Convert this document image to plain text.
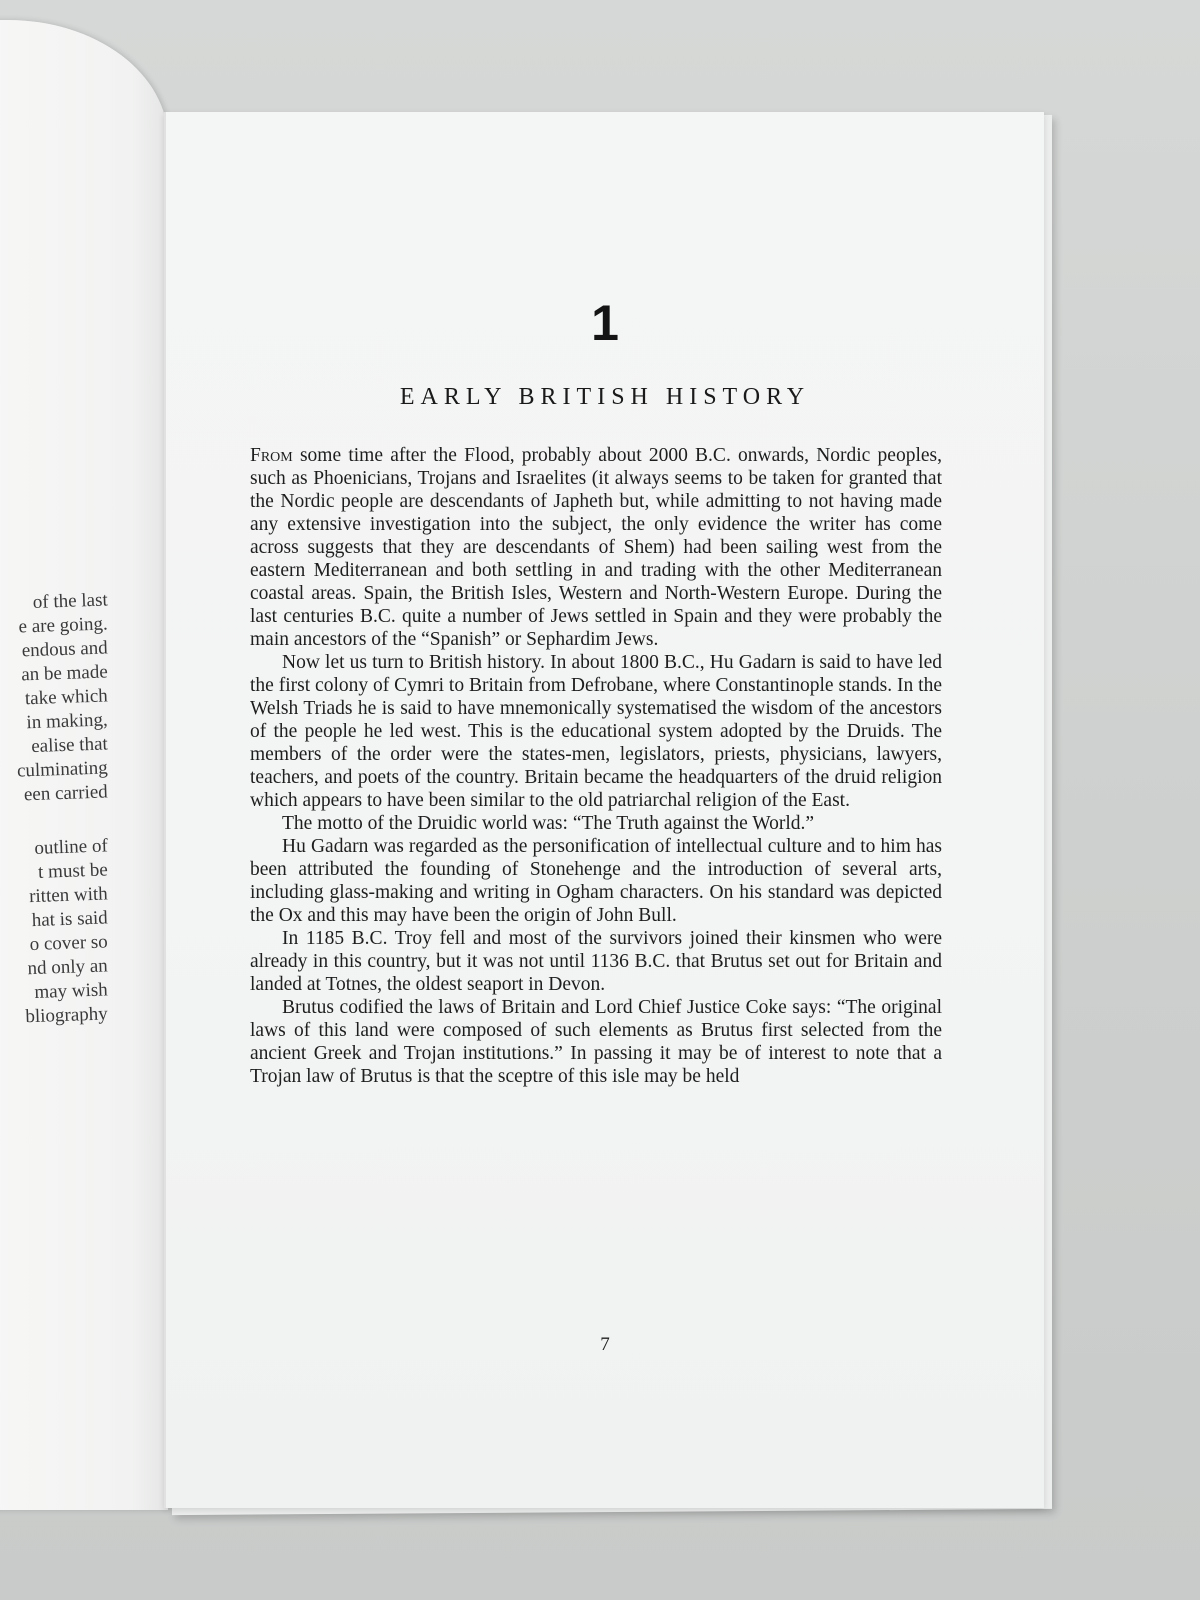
of the last
e are going.
endous and
an be made
take which
in making,
ealise that
culminating
een carried
outline of
t must be
ritten with
hat is said
o cover so
nd only an
may wish
bliography
1
EARLY BRITISH HISTORY

From some time after the Flood, probably about 2000 B.C. onwards, Nordic peoples, such as Phoenicians, Trojans and Israelites (it always seems to be taken for granted that the Nordic people are descendants of Japheth but, while admitting to not having made any extensive investigation into the subject, the only evidence the writer has come across suggests that they are descendants of Shem) had been sailing west from the eastern Mediterranean and both settling in and trading with the other Mediterranean coastal areas. Spain, the British Isles, Western and North-Western Europe. During the last centuries B.C. quite a number of Jews settled in Spain and they were probably the main ancestors of the “Spanish” or Sephardim Jews.

Now let us turn to British history. In about 1800 B.C., Hu Gadarn is said to have led the first colony of Cymri to Britain from Defrobane, where Constantinople stands. In the Welsh Triads he is said to have mnemonically systematised the wisdom of the ancestors of the people he led west. This is the educational system adopted by the Druids. The members of the order were the states-men, legislators, priests, physicians, lawyers, teachers, and poets of the country. Britain became the headquarters of the druid religion which appears to have been similar to the old patriarchal religion of the East.

The motto of the Druidic world was: “The Truth against the World.”

Hu Gadarn was regarded as the personification of intellectual culture and to him has been attributed the founding of Stonehenge and the introduction of several arts, including glass-making and writing in Ogham characters. On his standard was depicted the Ox and this may have been the origin of John Bull.

In 1185 B.C. Troy fell and most of the survivors joined their kinsmen who were already in this country, but it was not until 1136 B.C. that Brutus set out for Britain and landed at Totnes, the oldest seaport in Devon.

Brutus codified the laws of Britain and Lord Chief Justice Coke says: “The original laws of this land were composed of such elements as Brutus first selected from the ancient Greek and Trojan institutions.” In passing it may be of interest to note that a Trojan law of Brutus is that the sceptre of this isle may be held

7
